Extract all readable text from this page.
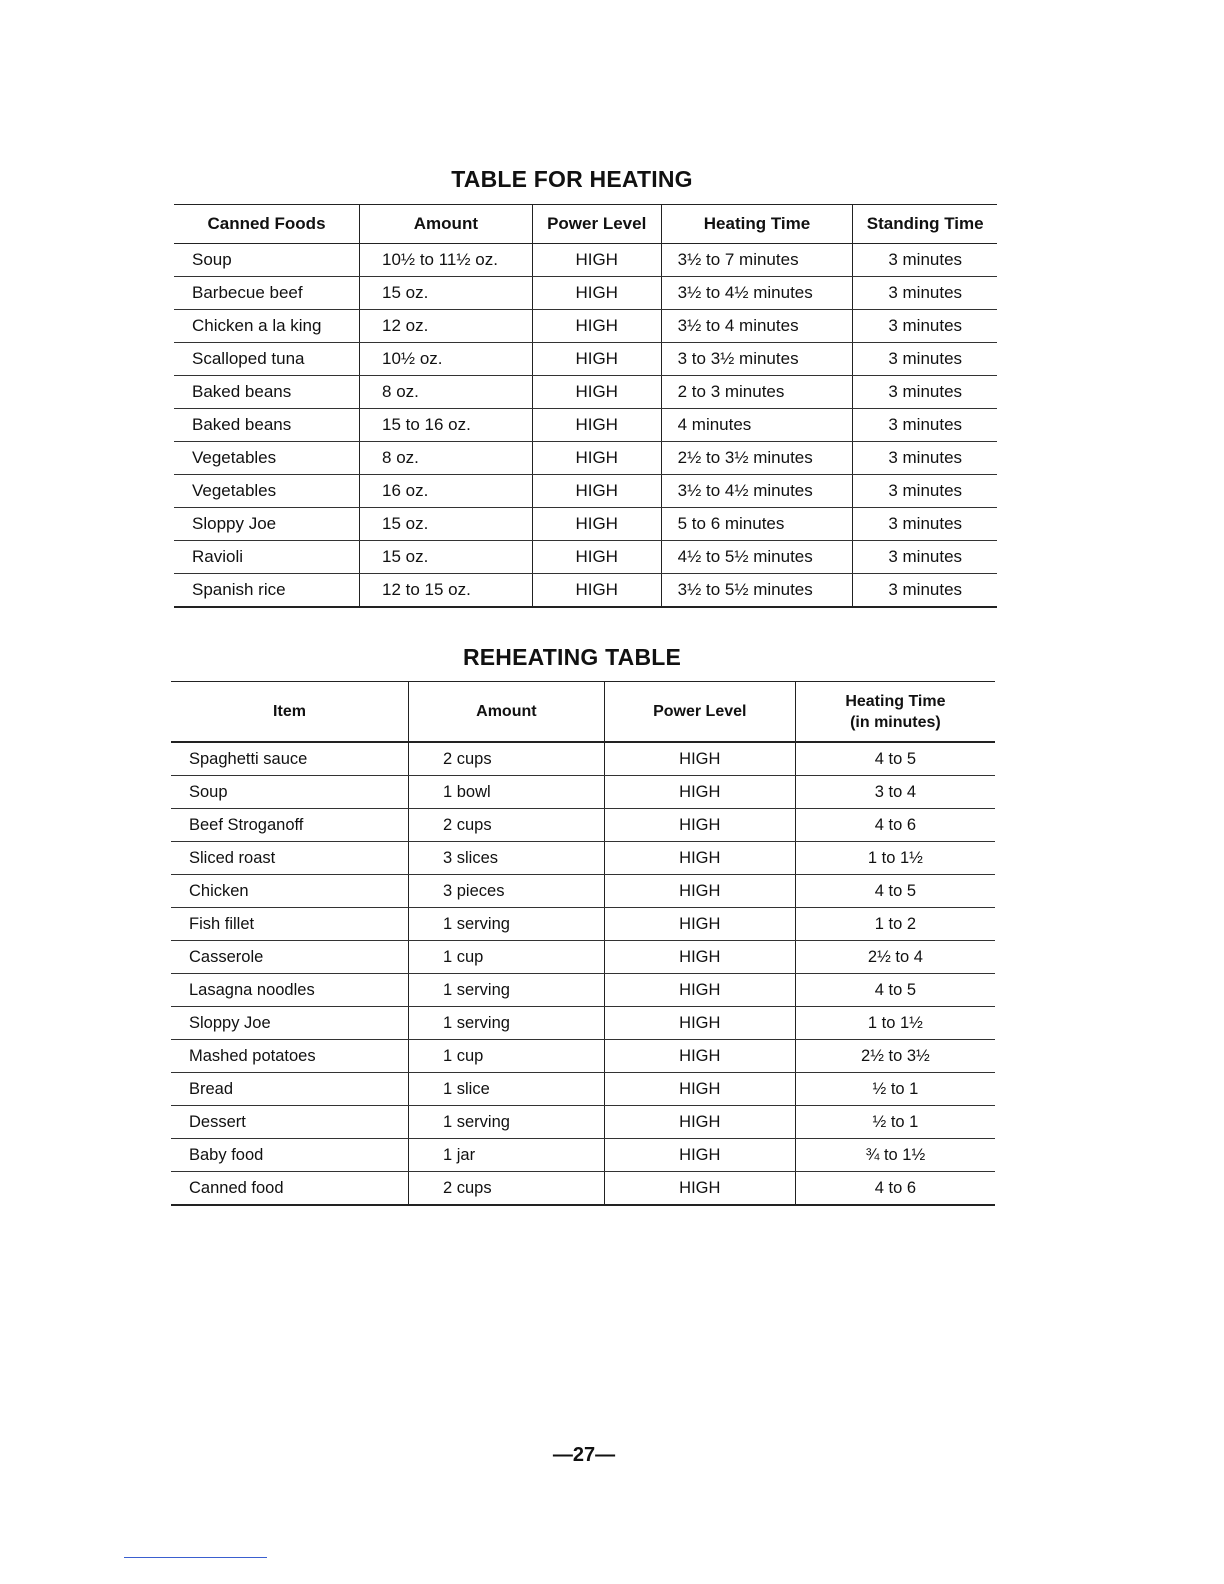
TABLE FOR HEATING
Canned Foods	Amount	Power Level	Heating Time	Standing Time
Soup	10½ to 11½ oz.	HIGH	3½ to 7 minutes	3 minutes
Barbecue beef	15 oz.	HIGH	3½ to 4½ minutes	3 minutes
Chicken a la king	12 oz.	HIGH	3½ to 4 minutes	3 minutes
Scalloped tuna	10½ oz.	HIGH	3 to 3½ minutes	3 minutes
Baked beans	8 oz.	HIGH	2 to 3 minutes	3 minutes
Baked beans	15 to 16 oz.	HIGH	4 minutes	3 minutes
Vegetables	8 oz.	HIGH	2½ to 3½ minutes	3 minutes
Vegetables	16 oz.	HIGH	3½ to 4½ minutes	3 minutes
Sloppy Joe	15 oz.	HIGH	5 to 6 minutes	3 minutes
Ravioli	15 oz.	HIGH	4½ to 5½ minutes	3 minutes
Spanish rice	12 to 15 oz.	HIGH	3½ to 5½ minutes	3 minutes
REHEATING TABLE
Item	Amount	Power Level	Heating Time
(in minutes)
Spaghetti sauce	2 cups	HIGH	4 to 5
Soup	1 bowl	HIGH	3 to 4
Beef Stroganoff	2 cups	HIGH	4 to 6
Sliced roast	3 slices	HIGH	1 to 1½
Chicken	3 pieces	HIGH	4 to 5
Fish fillet	1 serving	HIGH	1 to 2
Casserole	1 cup	HIGH	2½ to 4
Lasagna noodles	1 serving	HIGH	4 to 5
Sloppy Joe	1 serving	HIGH	1 to 1½
Mashed potatoes	1 cup	HIGH	2½ to 3½
Bread	1 slice	HIGH	½ to 1
Dessert	1 serving	HIGH	½ to 1
Baby food	1 jar	HIGH	¾ to 1½
Canned food	2 cups	HIGH	4 to 6
—27—
